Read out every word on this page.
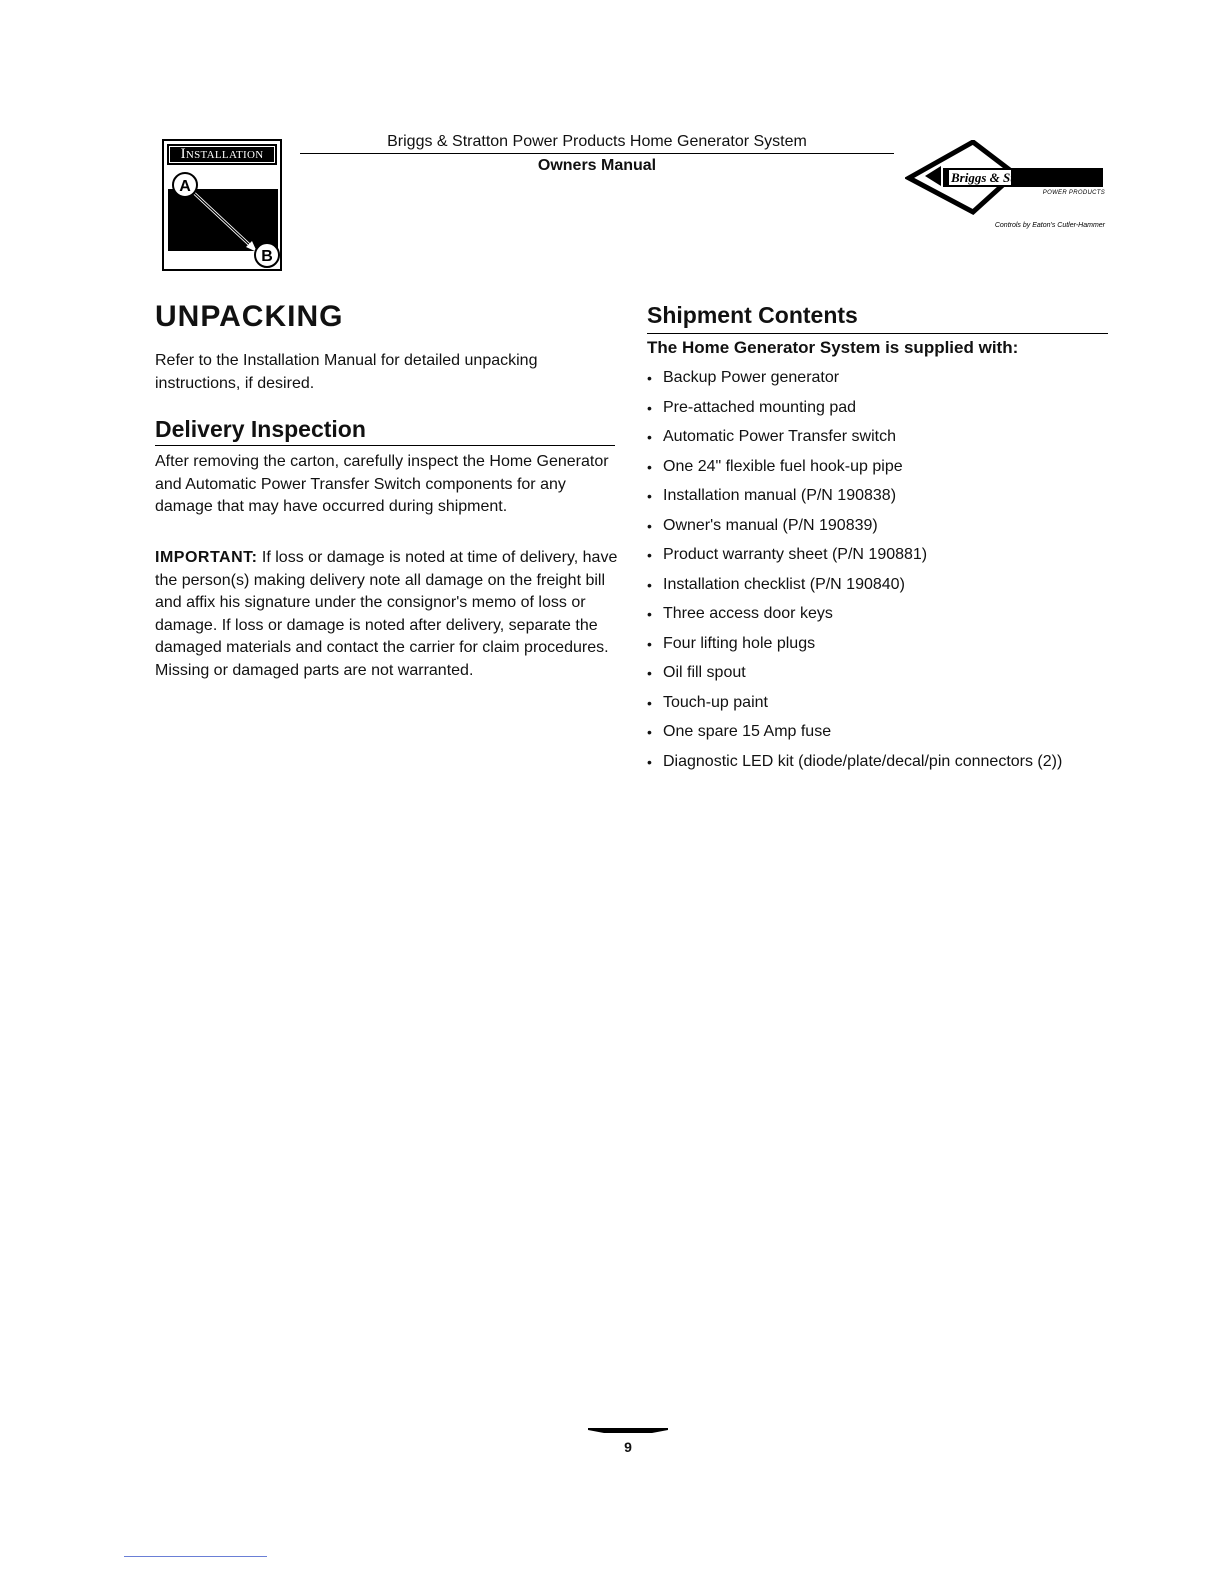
Installation
A
B
Briggs & Stratton Power Products Home Generator System
Owners Manual
Briggs & Stratton
POWER PRODUCTS
Controls by Eaton's Cutler-Hammer
UNPACKING
Refer to the Installation Manual for detailed unpacking instructions, if desired.
Delivery Inspection
After removing the carton, carefully inspect the Home Generator and Automatic Power Transfer Switch components for any damage that may have occurred during shipment.
IMPORTANT: If loss or damage is noted at time of delivery, have the person(s) making delivery note all damage on the freight bill and affix his signature under the consignor's memo of loss or damage. If loss or damage is noted after delivery, separate the damaged materials and contact the carrier for claim procedures. Missing or damaged parts are not warranted.
Shipment Contents
The Home Generator System is supplied with:
• Backup Power generator
• Pre-attached mounting pad
• Automatic Power Transfer switch
• One 24" flexible fuel hook-up pipe
• Installation manual (P/N 190838)
• Owner's manual (P/N 190839)
• Product warranty sheet (P/N 190881)
• Installation checklist (P/N 190840)
• Three access door keys
• Four lifting hole plugs
• Oil fill spout
• Touch-up paint
• One spare 15 Amp fuse
• Diagnostic LED kit (diode/plate/decal/pin connectors (2))
9
